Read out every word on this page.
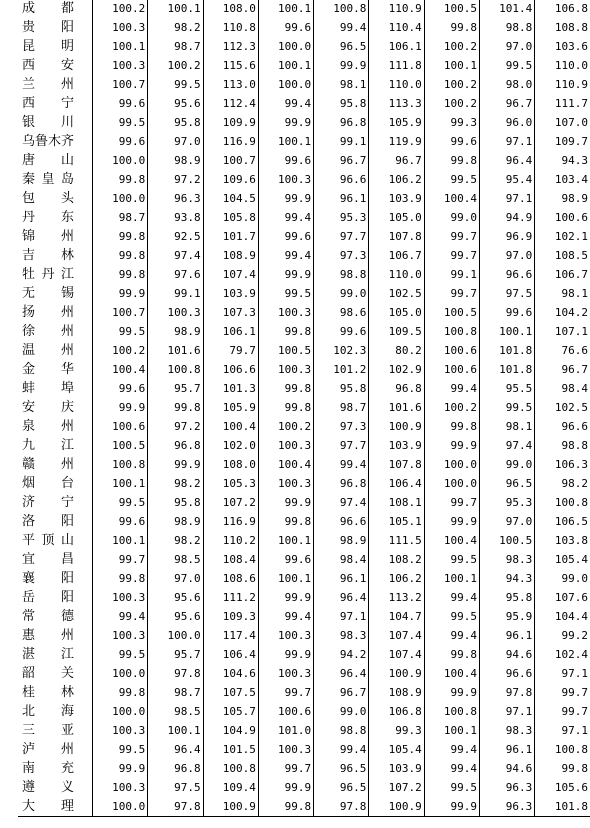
成都	100.2	100.1	108.0	100.1	100.8	110.9	100.5	101.4	106.8
贵阳	100.3	98.2	110.8	99.6	99.4	110.4	99.8	98.8	108.8
昆明	100.1	98.7	112.3	100.0	96.5	106.1	100.2	97.0	103.6
西安	100.3	100.2	115.6	100.1	99.9	111.8	100.1	99.5	110.0
兰州	100.7	99.5	113.0	100.0	98.1	110.0	100.2	98.0	110.9
西宁	99.6	95.6	112.4	99.4	95.8	113.3	100.2	96.7	111.7
银川	99.5	95.8	109.9	99.9	96.8	105.9	99.3	96.0	107.0
乌鲁木齐	99.6	97.0	116.9	100.1	99.1	119.9	99.6	97.1	109.7
唐山	100.0	98.9	100.7	99.6	96.7	96.7	99.8	96.4	94.3
秦皇岛	99.8	97.2	109.6	100.3	96.6	106.2	99.5	95.4	103.4
包头	100.0	96.3	104.5	99.9	96.1	103.9	100.4	97.1	98.9
丹东	98.7	93.8	105.8	99.4	95.3	105.0	99.0	94.9	100.6
锦州	99.8	92.5	101.7	99.6	97.7	107.8	99.7	96.9	102.1
吉林	99.8	97.4	108.9	99.4	97.3	106.7	99.7	97.0	108.5
牡丹江	99.8	97.6	107.4	99.9	98.8	110.0	99.1	96.6	106.7
无锡	99.9	99.1	103.9	99.5	99.0	102.5	99.7	97.5	98.1
扬州	100.7	100.3	107.3	100.3	98.6	105.0	100.5	99.6	104.2
徐州	99.5	98.9	106.1	99.8	99.6	109.5	100.8	100.1	107.1
温州	100.2	101.6	79.7	100.5	102.3	80.2	100.6	101.8	76.6
金华	100.4	100.8	106.6	100.3	101.2	102.9	100.6	101.8	96.7
蚌埠	99.6	95.7	101.3	99.8	95.8	96.8	99.4	95.5	98.4
安庆	99.9	99.8	105.9	99.8	98.7	101.6	100.2	99.5	102.5
泉州	100.6	97.2	100.4	100.2	97.3	100.9	99.8	98.1	96.6
九江	100.5	96.8	102.0	100.3	97.7	103.9	99.9	97.4	98.8
赣州	100.8	99.9	108.0	100.4	99.4	107.8	100.0	99.0	106.3
烟台	100.1	98.2	105.3	100.3	96.8	106.4	100.0	96.5	98.2
济宁	99.5	95.8	107.2	99.9	97.4	108.1	99.7	95.3	100.8
洛阳	99.6	98.9	116.9	99.8	96.6	105.1	99.9	97.0	106.5
平顶山	100.1	98.2	110.2	100.1	98.9	111.5	100.4	100.5	103.8
宜昌	99.7	98.5	108.4	99.6	98.4	108.2	99.5	98.3	105.4
襄阳	99.8	97.0	108.6	100.1	96.1	106.2	100.1	94.3	99.0
岳阳	100.3	95.6	111.2	99.9	96.4	113.2	99.4	95.8	107.6
常德	99.4	95.6	109.3	99.4	97.1	104.7	99.5	95.9	104.4
惠州	100.3	100.0	117.4	100.3	98.3	107.4	99.4	96.1	99.2
湛江	99.5	95.7	106.4	99.9	94.2	107.4	99.8	94.6	102.4
韶关	100.0	97.8	104.6	100.3	96.4	100.9	100.4	96.6	97.1
桂林	99.8	98.7	107.5	99.7	96.7	108.9	99.9	97.8	99.7
北海	100.0	98.5	105.7	100.6	99.0	106.8	100.8	97.1	99.7
三亚	100.3	100.1	104.9	101.0	98.8	99.3	100.1	98.3	97.1
泸州	99.5	96.4	101.5	100.3	99.4	105.4	99.4	96.1	100.8
南充	99.9	96.8	100.8	99.7	96.5	103.9	99.4	94.6	99.8
遵义	100.3	97.5	109.4	99.9	96.5	107.2	99.5	96.3	105.6
大理	100.0	97.8	100.9	99.8	97.8	100.9	99.9	96.3	101.8
